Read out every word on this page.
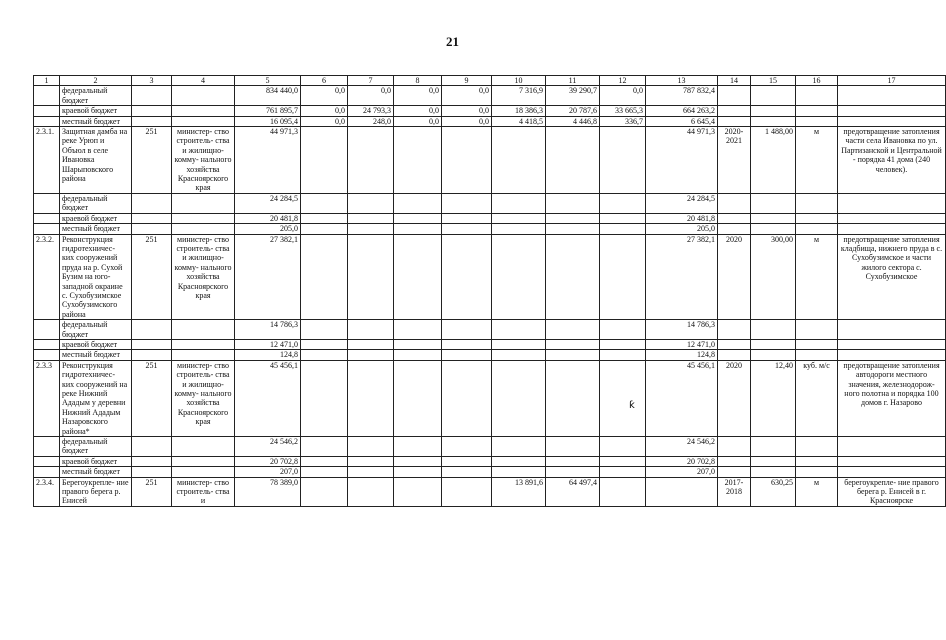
21
1	2	3	4	5	6	7	8	9	10	11	12	13	14	15	16	17
	федеральный бюджет			834 440,0	0,0	0,0	0,0	0,0	7 316,9	39 290,7	0,0	787 832,4				
	краевой бюджет			761 895,7	0,0	24 793,3	0,0	0,0	18 386,3	20 787,6	33 665,3	664 263,2				
	местный бюджет			16 095,4	0,0	248,0	0,0	0,0	4 418,5	4 446,8	336,7	6 645,4				
2.3.1.	Защитная дамба на реке Урюп и Объюл в селе Ивановка Шарыповского района	251	министер- ство строитель- ства и жилищно- комму- нального хозяйства Красноярского края	44 971,3								44 971,3	2020- 2021	1 488,00	м	предотвращение затопления части села Ивановка по ул. Партизанской и Центральной - порядка 41 дома (240 человек).
	федеральный бюджет			24 284,5								24 284,5				
	краевой бюджет			20 481,8								20 481,8				
	местный бюджет			205,0								205,0				
2.3.2.	Реконструкция гидротехничес- ких сооружений пруда на р. Сухой Бузим на юго-западной окраине с. Сухобузимское Сухобузимского района	251	министер- ство строитель- ства и жилищно- комму- нального хозяйства Красноярского края	27 382,1								27 382,1	2020	300,00	м	предотвращение затопления кладбища, нижнего пруда в с. Сухобузимское и части жилого сектора с. Сухобузимское
	федеральный бюджет			14 786,3								14 786,3				
	краевой бюджет			12 471,0								12 471,0				
	местный бюджет			124,8								124,8				
2.3.3	Реконструкция гидротехничес- ких сооружений на реке Нижний Ададым у деревни Нижний Ададым Назаровского района*	251	министер- ство строитель- ства и жилищно- комму- нального хозяйства Красноярского края	45 456,1								45 456,1	2020	12,40	куб. м/с	предотвращение затопления автодороги местного значения, железнодорож- ного полотна и порядка 100 домов г. Назарово
	федеральный бюджет			24 546,2								24 546,2				
	краевой бюджет			20 702,8								20 702,8				
	местный бюджет			207,0								207,0				
2.3.4.	Берегоукрепле- ние правого берега р. Енисей	251	министер- ство строитель- ства и	78 389,0					13 891,6	64 497,4			2017- 2018	630,25	м	берегоукрепле- ние правого берега р. Енисей в г. Красноярске
ƙ
